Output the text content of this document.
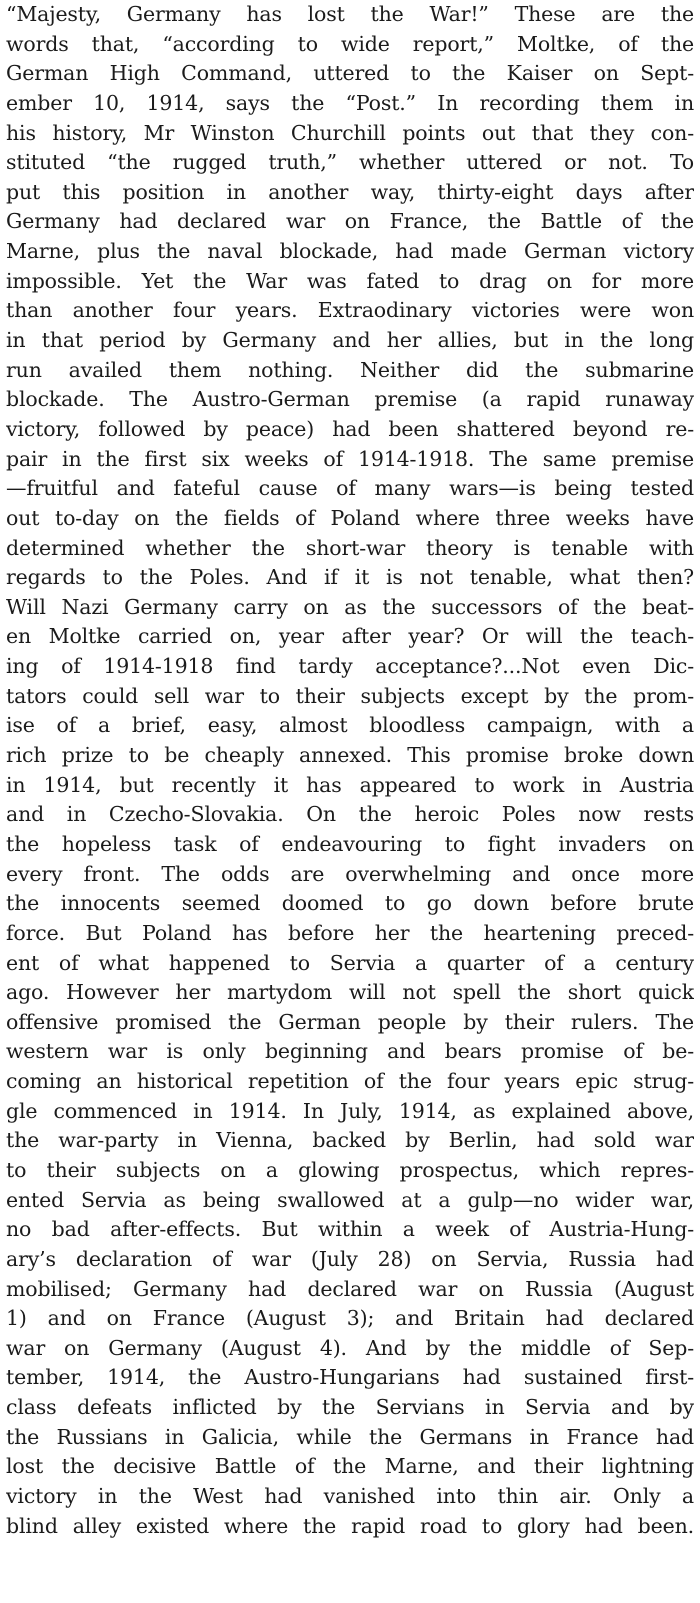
“Majesty, Germany has lost the War!” These are the
words that, “according to wide report,” Moltke, of the
German High Command, uttered to the Kaiser on Sept-
ember 10, 1914, says the “Post.” In recording them in
his history, Mr Winston Churchill points out that they con-
stituted “the rugged truth,” whether uttered or not. To
put this position in another way, thirty-eight days after
Germany had declared war on France, the Battle of the
Marne, plus the naval blockade, had made German victory
impossible. Yet the War was fated to drag on for more
than another four years. Extraodinary victories were won
in that period by Germany and her allies, but in the long
run availed them nothing. Neither did the submarine
blockade. The Austro-German premise (a rapid runaway
victory, followed by peace) had been shattered beyond re-
pair in the first six weeks of 1914-1918. The same premise
—fruitful and fateful cause of many wars—is being tested
out to-day on the fields of Poland where three weeks have
determined whether the short-war theory is tenable with
regards to the Poles. And if it is not tenable, what then?
Will Nazi Germany carry on as the successors of the beat-
en Moltke carried on, year after year? Or will the teach-
ing of 1914-1918 find tardy acceptance?...Not even Dic-
tators could sell war to their subjects except by the prom-
ise of a brief, easy, almost bloodless campaign, with a
rich prize to be cheaply annexed. This promise broke down
in 1914, but recently it has appeared to work in Austria
and in Czecho-Slovakia. On the heroic Poles now rests
the hopeless task of endeavouring to fight invaders on
every front. The odds are overwhelming and once more
the innocents seemed doomed to go down before brute
force. But Poland has before her the heartening preced-
ent of what happened to Servia a quarter of a century
ago. However her martydom will not spell the short quick
offensive promised the German people by their rulers. The
western war is only beginning and bears promise of be-
coming an historical repetition of the four years epic strug-
gle commenced in 1914. In July, 1914, as explained above,
the war-party in Vienna, backed by Berlin, had sold war
to their subjects on a glowing prospectus, which repres-
ented Servia as being swallowed at a gulp—no wider war,
no bad after-effects. But within a week of Austria-Hung-
ary’s declaration of war (July 28) on Servia, Russia had
mobilised; Germany had declared war on Russia (August
1) and on France (August 3); and Britain had declared
war on Germany (August 4). And by the middle of Sep-
tember, 1914, the Austro-Hungarians had sustained first-
class defeats inflicted by the Servians in Servia and by
the Russians in Galicia, while the Germans in France had
lost the decisive Battle of the Marne, and their lightning
victory in the West had vanished into thin air. Only a
blind alley existed where the rapid road to glory had been.
